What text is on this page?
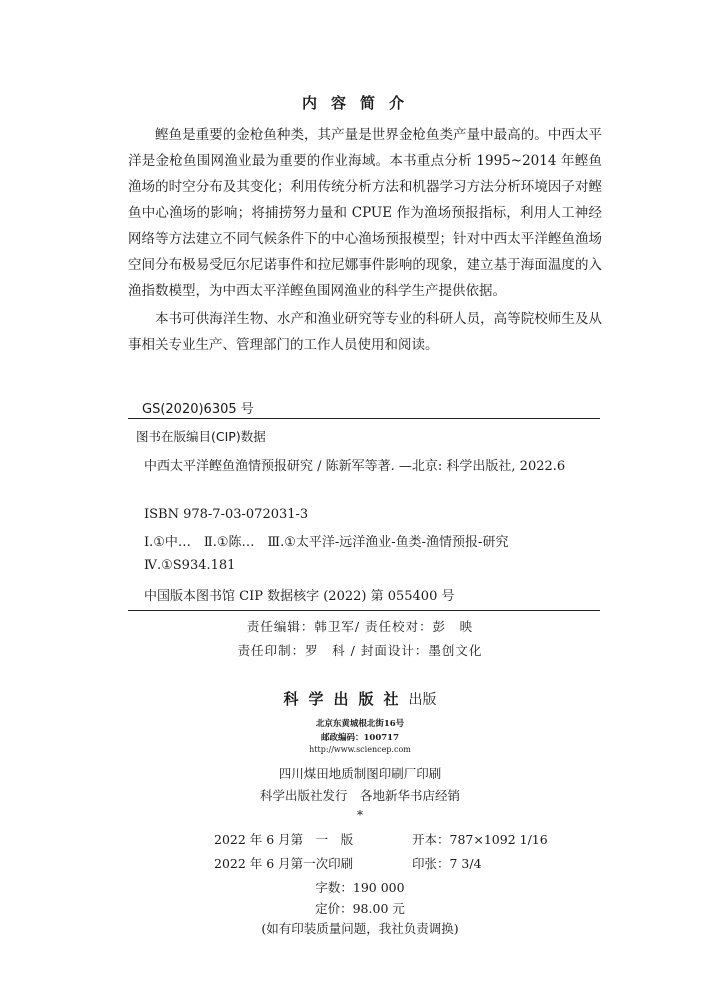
内容简介

鲣鱼是重要的金枪鱼种类，其产量是世界金枪鱼类产量中最高的。中西太平洋是金枪鱼围网渔业最为重要的作业海域。本书重点分析 1995~2014 年鲣鱼渔场的时空分布及其变化；利用传统分析方法和机器学习方法分析环境因子对鲣鱼中心渔场的影响；将捕捞努力量和 CPUE 作为渔场预报指标，利用人工神经网络等方法建立不同气候条件下的中心渔场预报模型；针对中西太平洋鲣鱼渔场空间分布极易受厄尔尼诺事件和拉尼娜事件影响的现象，建立基于海面温度的入渔指数模型，为中西太平洋鲣鱼围网渔业的科学生产提供依据。

本书可供海洋生物、水产和渔业研究等专业的科研人员，高等院校师生及从事相关专业生产、管理部门的工作人员使用和阅读。

GS(2020)6305 号
图书在版编目(CIP)数据
中西太平洋鲣鱼渔情预报研究 / 陈新军等著. —北京: 科学出版社, 2022.6
ISBN 978-7-03-072031-3
Ⅰ.①中…　Ⅱ.①陈…　Ⅲ.①太平洋-远洋渔业-鱼类-渔情预报-研究　Ⅳ.①S934.181
中国版本图书馆 CIP 数据核字 (2022) 第 055400 号
责任编辑：韩卫军/ 责任校对：彭　映
责任印制：罗　科 / 封面设计：墨创文化
科学出版社出版
北京东黄城根北街16号
邮政编码：100717
http://www.sciencep.com
四川煤田地质制图印刷厂印刷
科学出版社发行　各地新华书店经销
*
2022 年 6 月第　一　版	开本：787×1092 1/16
2022 年 6 月第一次印刷	印张：7 3/4
字数：190 000
定价：98.00 元
(如有印装质量问题，我社负责调换)
